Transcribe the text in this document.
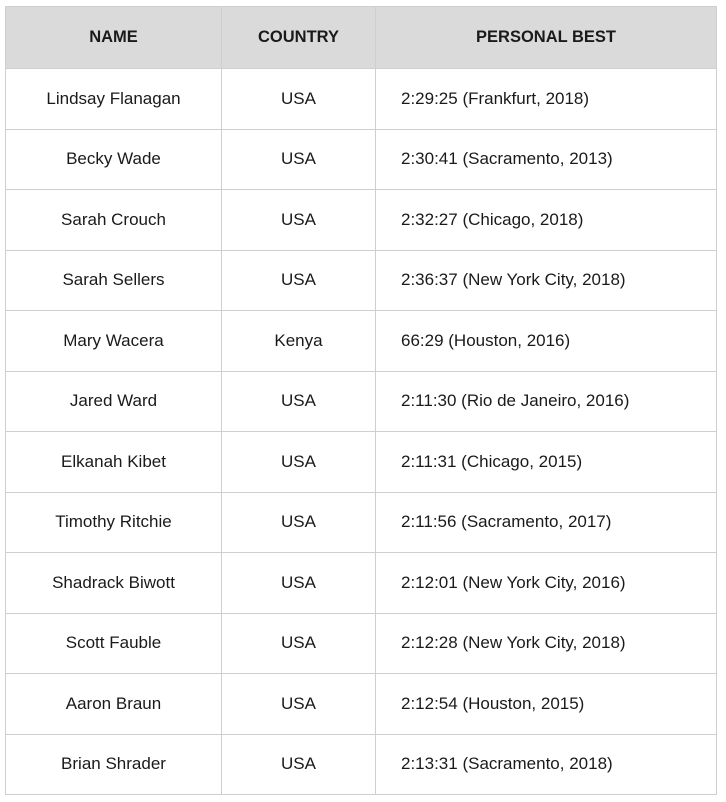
NAME	COUNTRY	PERSONAL BEST
Lindsay Flanagan	USA	2:29:25 (Frankfurt, 2018)
Becky Wade	USA	2:30:41 (Sacramento, 2013)
Sarah Crouch	USA	2:32:27 (Chicago, 2018)
Sarah Sellers	USA	2:36:37 (New York City, 2018)
Mary Wacera	Kenya	66:29 (Houston, 2016)
Jared Ward	USA	2:11:30 (Rio de Janeiro, 2016)
Elkanah Kibet	USA	2:11:31 (Chicago, 2015)
Timothy Ritchie	USA	2:11:56 (Sacramento, 2017)
Shadrack Biwott	USA	2:12:01 (New York City, 2016)
Scott Fauble	USA	2:12:28 (New York City, 2018)
Aaron Braun	USA	2:12:54 (Houston, 2015)
Brian Shrader	USA	2:13:31 (Sacramento, 2018)
